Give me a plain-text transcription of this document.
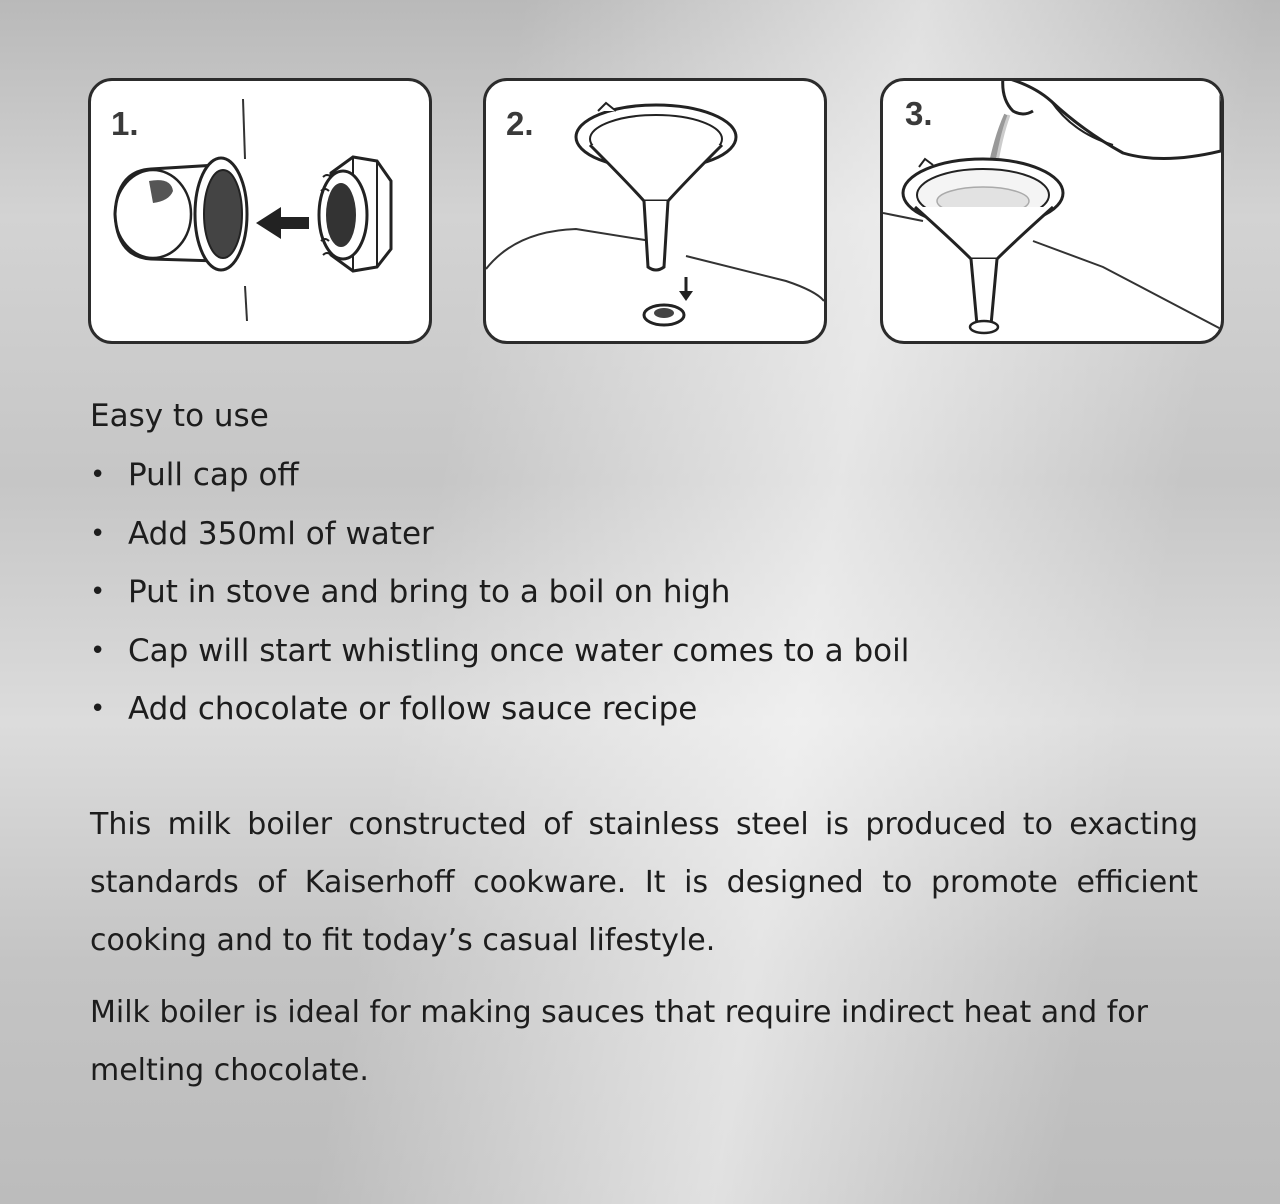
1.	2.	3.
Easy to use
• Pull cap off
• Add 350ml of water
• Put in stove and bring to a boil on high
• Cap will start whistling once water comes to a boil
• Add chocolate or follow sauce recipe

This milk boiler constructed of stainless steel is produced to exacting standards of Kaiserhoff cookware. It is designed to promote efficient cooking and to fit today’s casual lifestyle.

Milk boiler is ideal for making sauces that require indirect heat and for melting chocolate.
